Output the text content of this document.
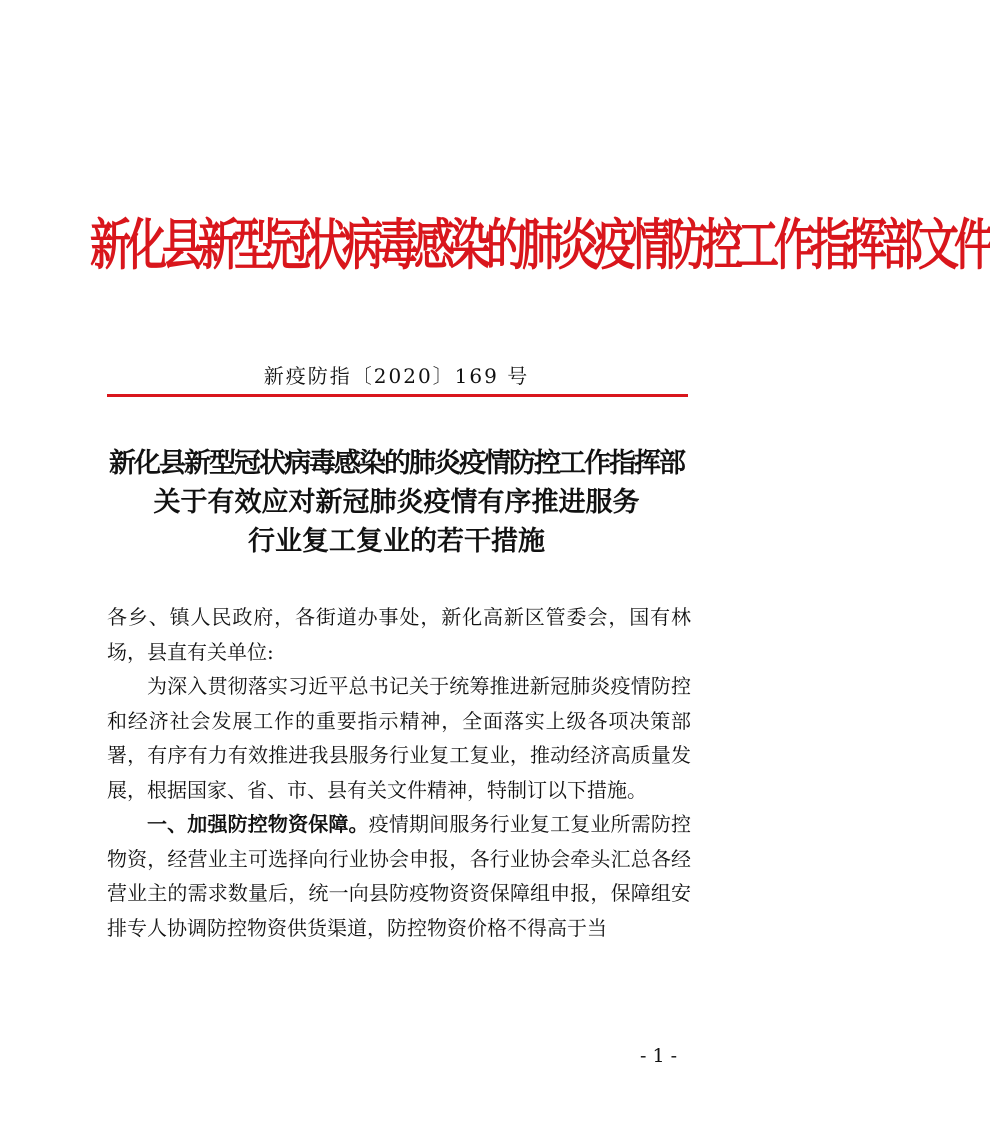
新化县新型冠状病毒感染的肺炎疫情防控工作指挥部文件
新疫防指〔2020〕169 号
新化县新型冠状病毒感染的肺炎疫情防控工作指挥部
关于有效应对新冠肺炎疫情有序推进服务
行业复工复业的若干措施

各乡、镇人民政府，各街道办事处，新化高新区管委会，国有林场，县直有关单位:

为深入贯彻落实习近平总书记关于统筹推进新冠肺炎疫情防控和经济社会发展工作的重要指示精神，全面落实上级各项决策部署，有序有力有效推进我县服务行业复工复业，推动经济高质量发展，根据国家、省、市、县有关文件精神，特制订以下措施。

一、加强防控物资保障。疫情期间服务行业复工复业所需防控物资，经营业主可选择向行业协会申报，各行业协会牵头汇总各经营业主的需求数量后，统一向县防疫物资资保障组申报，保障组安排专人协调防控物资供货渠道，防控物资价格不得高于当

- 1 -
